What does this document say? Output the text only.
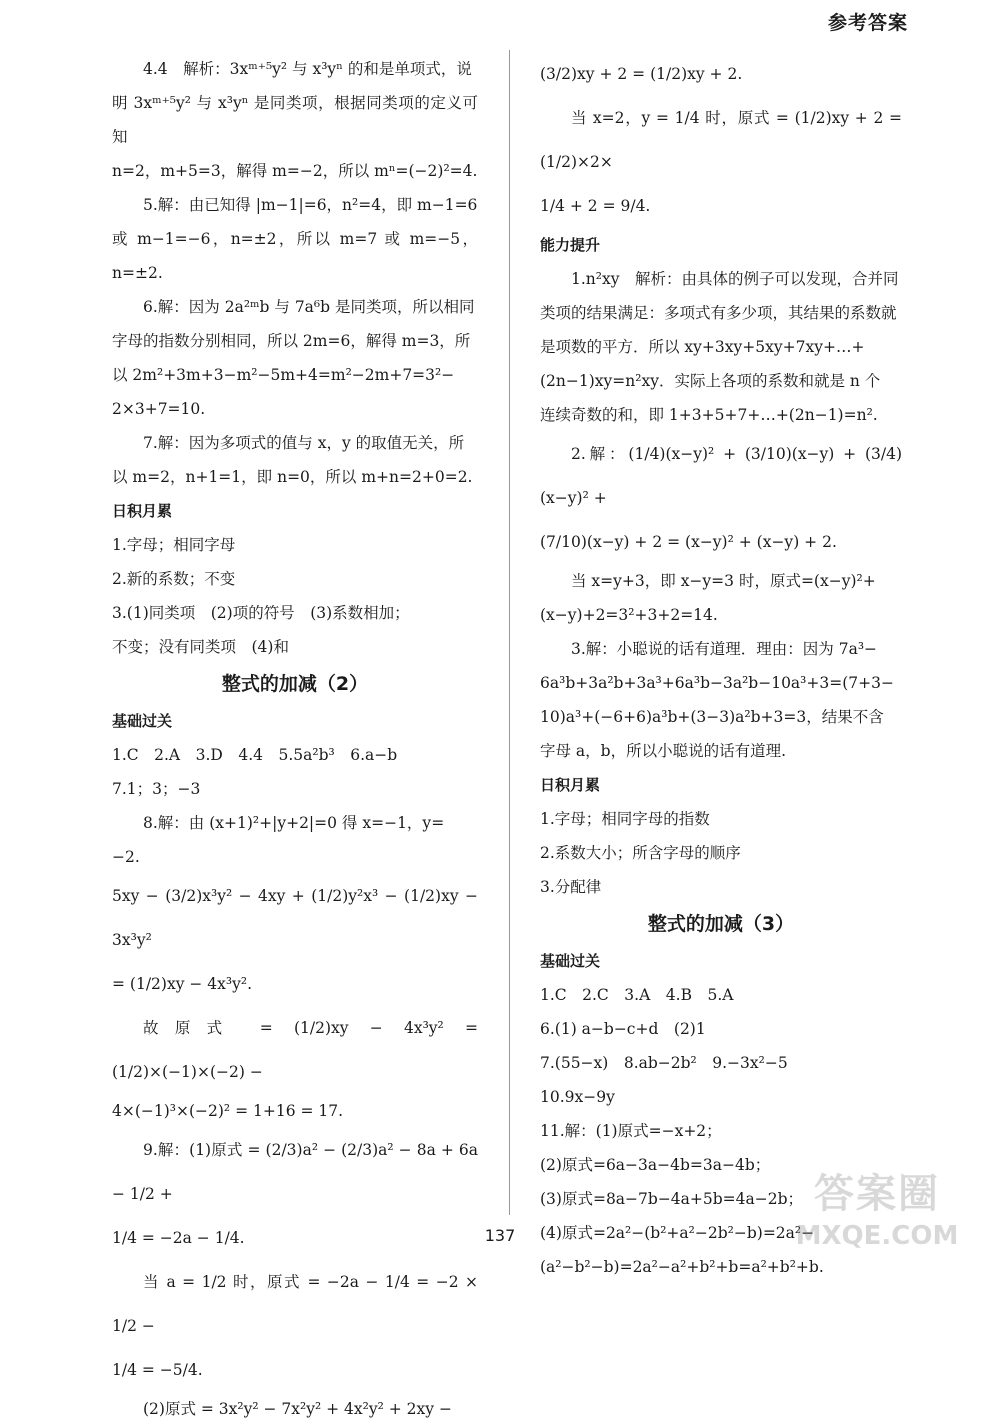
参考答案

4.4　解析：3xᵐ⁺⁵y² 与 x³yⁿ 的和是单项式，说

明 3xᵐ⁺⁵y² 与 x³yⁿ 是同类项，根据同类项的定义可知

n=2，m+5=3，解得 m=−2，所以 mⁿ=(−2)²=4.

5.解：由已知得 |m−1|=6，n²=4，即 m−1=6

或 m−1=−6，n=±2，所以 m=7 或 m=−5，n=±2.

6.解：因为 2a²ᵐb 与 7a⁶b 是同类项，所以相同

字母的指数分别相同，所以 2m=6，解得 m=3，所

以 2m²+3m+3−m²−5m+4=m²−2m+7=3²−

2×3+7=10.

7.解：因为多项式的值与 x，y 的取值无关，所

以 m=2，n+1=1，即 n=0，所以 m+n=2+0=2.

日积月累

1.字母；相同字母

2.新的系数；不变

3.(1)同类项　(2)项的符号　(3)系数相加；

不变；没有同类项　(4)和

整式的加减（2）

基础过关

1.C　2.A　3.D　4.4　5.5a²b³　6.a−b

7.1；3；−3

8.解：由 (x+1)²+|y+2|=0 得 x=−1，y=

−2.

5xy − (3/2)x³y² − 4xy + (1/2)y²x³ − (1/2)xy − 3x³y²

= (1/2)xy − 4x³y².

故原式 = (1/2)xy − 4x³y² = (1/2)×(−1)×(−2) −

4×(−1)³×(−2)² = 1+16 = 17.

9.解：(1)原式 = (2/3)a² − (2/3)a² − 8a + 6a − 1/2 +

1/4 = −2a − 1/4.

当 a = 1/2 时，原式 = −2a − 1/4 = −2 × 1/2 −

1/4 = −5/4.

(2)原式 = 3x²y² − 7x²y² + 4x²y² + 2xy −

(3/2)xy + 2 = (1/2)xy + 2.

当 x=2，y = 1/4 时，原式 = (1/2)xy + 2 = (1/2)×2×

1/4 + 2 = 9/4.

能力提升

1.n²xy　解析：由具体的例子可以发现，合并同

类项的结果满足：多项式有多少项，其结果的系数就

是项数的平方．所以 xy+3xy+5xy+7xy+…+

(2n−1)xy=n²xy．实际上各项的系数和就是 n 个

连续奇数的和，即 1+3+5+7+…+(2n−1)=n².

2.解：(1/4)(x−y)² + (3/10)(x−y) + (3/4)(x−y)² +

(7/10)(x−y) + 2 = (x−y)² + (x−y) + 2.

当 x=y+3，即 x−y=3 时，原式=(x−y)²+

(x−y)+2=3²+3+2=14.

3.解：小聪说的话有道理．理由：因为 7a³−

6a³b+3a²b+3a³+6a³b−3a²b−10a³+3=(7+3−

10)a³+(−6+6)a³b+(3−3)a²b+3=3，结果不含

字母 a，b，所以小聪说的话有道理.

日积月累

1.字母；相同字母的指数

2.系数大小；所含字母的顺序

3.分配律

整式的加减（3）

基础过关

1.C　2.C　3.A　4.B　5.A

6.(1) a−b−c+d　(2)1

7.(55−x)　8.ab−2b²　9.−3x²−5

10.9x−9y

11.解：(1)原式=−x+2；

(2)原式=6a−3a−4b=3a−4b；

(3)原式=8a−7b−4a+5b=4a−2b；

(4)原式=2a²−(b²+a²−2b²−b)=2a²−

(a²−b²−b)=2a²−a²+b²+b=a²+b²+b.

137
答案圈
MXQE.COM
